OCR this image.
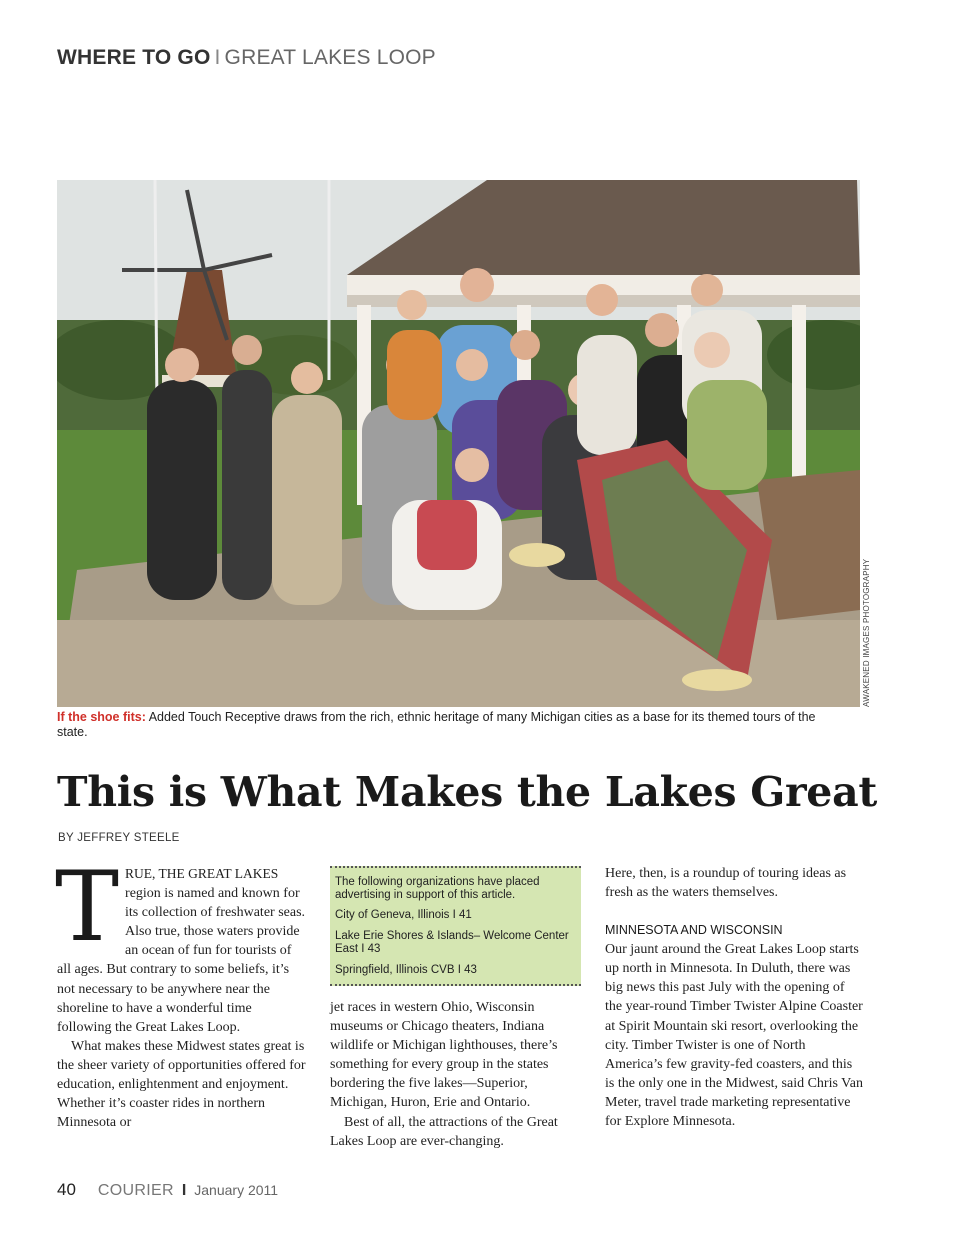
WHERE TO GO I GREAT LAKES LOOP
AWAKENED IMAGES PHOTOGRAPHY
If the shoe fits: Added Touch Receptive draws from the rich, ethnic heritage of many Michigan cities as a base for its themed tours of the state.
This is What Makes the Lakes Great
BY JEFFREY STEELE
T RUE, THE GREAT LAKES region is named and known for its collection of freshwater seas. Also true, those waters provide an ocean of fun for tourists of all ages. But contrary to some beliefs, it’s not necessary to be anywhere near the shoreline to have a wonderful time following the Great Lakes Loop.

What makes these Midwest states great is the sheer variety of opportunities offered for education, enlightenment and enjoyment. Whether it’s coaster rides in northern Minnesota or

The following organizations have placed advertising in support of this article.
City of Geneva, Illinois I 41
Lake Erie Shores & Islands– Welcome Center East I 43
Springfield, Illinois CVB I 43

jet races in western Ohio, Wisconsin museums or Chicago theaters, Indiana wildlife or Michigan lighthouses, there’s something for every group in the states bordering the five lakes—Superior, Michigan, Huron, Erie and Ontario.

Best of all, the attractions of the Great Lakes Loop are ever-changing.

Here, then, is a roundup of touring ideas as fresh as the waters themselves.

MINNESOTA AND WISCONSIN

Our jaunt around the Great Lakes Loop starts up north in Minnesota. In Duluth, there was big news this past July with the opening of the year-round Timber Twister Alpine Coaster at Spirit Mountain ski resort, overlooking the city. Timber Twister is one of North America’s few gravity-fed coasters, and this is the only one in the Midwest, said Chris Van Meter, travel trade marketing representative for Explore Minnesota.

40 COURIER I January 2011
